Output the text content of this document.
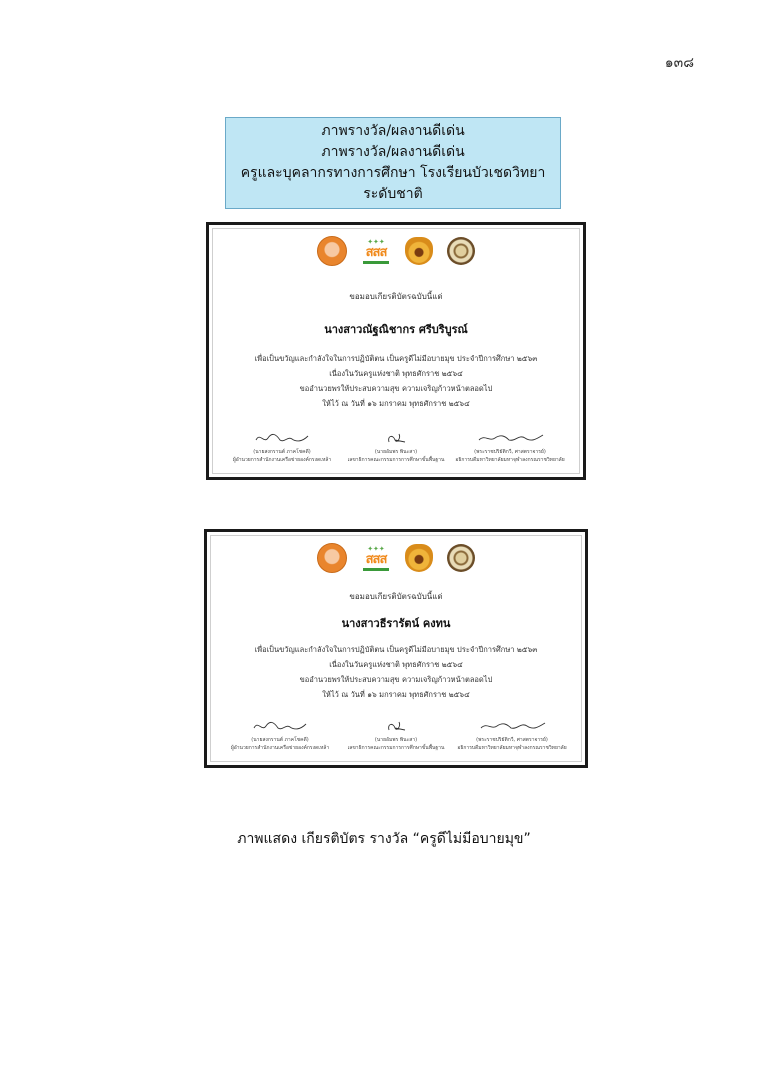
๑๓๘
ภาพรางวัล/ผลงานดีเด่น
ภาพรางวัล/ผลงานดีเด่น
ครูและบุคลากรทางการศึกษา โรงเรียนบัวเชดวิทยา
ระดับชาติ
✦✦✦
สสส
ขอมอบเกียรติบัตรฉบับนี้แด่
นางสาวณัฐณิชากร ศรีบริบูรณ์
เพื่อเป็นขวัญและกำลังใจในการปฏิบัติตน เป็นครูดีไม่มีอบายมุข ประจำปีการศึกษา ๒๕๖๓
เนื่องในวันครูแห่งชาติ พุทธศักราช ๒๕๖๔
ขออำนวยพรให้ประสบความสุข ความเจริญก้าวหน้าตลอดไป
ให้ไว้ ณ วันที่ ๑๖ มกราคม พุทธศักราช ๒๕๖๔
(นายสงกรานต์ ภาคโชคดี)
ผู้อำนวยการสำนักงานเครือข่ายองค์กรงดเหล้า
(นายอัมพร พินะสา)
เลขาธิการคณะกรรมการการศึกษาขั้นพื้นฐาน
(พระราชปริยัติกวี, ศาสตราจารย์)
อธิการบดีมหาวิทยาลัยมหาจุฬาลงกรณราชวิทยาลัย
✦✦✦
สสส
ขอมอบเกียรติบัตรฉบับนี้แด่
นางสาวธีรารัตน์ คงทน
เพื่อเป็นขวัญและกำลังใจในการปฏิบัติตน เป็นครูดีไม่มีอบายมุข ประจำปีการศึกษา ๒๕๖๓
เนื่องในวันครูแห่งชาติ พุทธศักราช ๒๕๖๔
ขออำนวยพรให้ประสบความสุข ความเจริญก้าวหน้าตลอดไป
ให้ไว้ ณ วันที่ ๑๖ มกราคม พุทธศักราช ๒๕๖๔
(นายสงกรานต์ ภาคโชคดี)
ผู้อำนวยการสำนักงานเครือข่ายองค์กรงดเหล้า
(นายอัมพร พินะสา)
เลขาธิการคณะกรรมการการศึกษาขั้นพื้นฐาน
(พระราชปริยัติกวี, ศาสตราจารย์)
อธิการบดีมหาวิทยาลัยมหาจุฬาลงกรณราชวิทยาลัย
ภาพแสดง เกียรติบัตร รางวัล “ครูดีไม่มีอบายมุข”
